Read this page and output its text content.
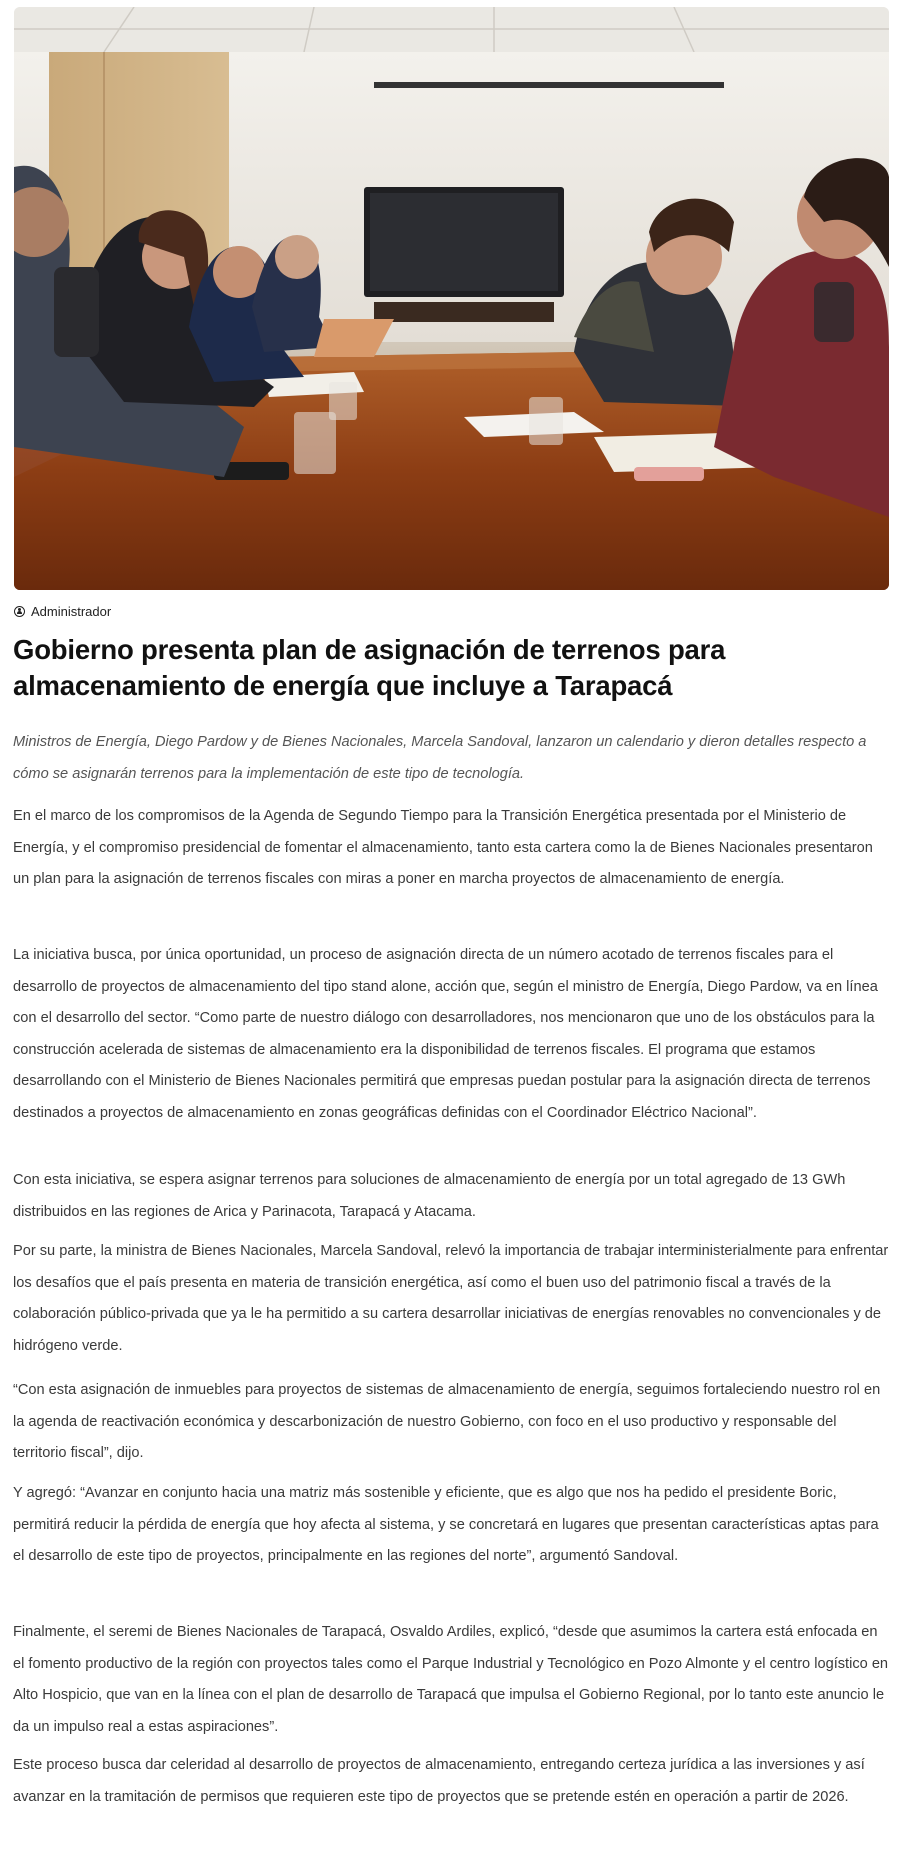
Administrador
Gobierno presenta plan de asignación de terrenos para almacenamiento de energía que incluye a Tarapacá

Ministros de Energía, Diego Pardow y de Bienes Nacionales, Marcela Sandoval, lanzaron un calendario y dieron detalles respecto a cómo se asignarán terrenos para la implementación de este tipo de tecnología.

En el marco de los compromisos de la Agenda de Segundo Tiempo para la Transición Energética presentada por el Ministerio de Energía, y el compromiso presidencial de fomentar el almacenamiento, tanto esta cartera como la de Bienes Nacionales presentaron un plan para la asignación de terrenos fiscales con miras a poner en marcha proyectos de almacenamiento de energía.

La iniciativa busca, por única oportunidad, un proceso de asignación directa de un número acotado de terrenos fiscales para el desarrollo de proyectos de almacenamiento del tipo stand alone, acción que, según el ministro de Energía, Diego Pardow, va en línea con el desarrollo del sector. “Como parte de nuestro diálogo con desarrolladores, nos mencionaron que uno de los obstáculos para la construcción acelerada de sistemas de almacenamiento era la disponibilidad de terrenos fiscales. El programa que estamos desarrollando con el Ministerio de Bienes Nacionales permitirá que empresas puedan postular para la asignación directa de terrenos destinados a proyectos de almacenamiento en zonas geográficas definidas con el Coordinador Eléctrico Nacional”.

Con esta iniciativa, se espera asignar terrenos para soluciones de almacenamiento de energía por un total agregado de 13 GWh distribuidos en las regiones de Arica y Parinacota, Tarapacá y Atacama.

Por su parte, la ministra de Bienes Nacionales, Marcela Sandoval, relevó la importancia de trabajar interministerialmente para enfrentar los desafíos que el país presenta en materia de transición energética, así como el buen uso del patrimonio fiscal a través de la colaboración público-privada que ya le ha permitido a su cartera desarrollar iniciativas de energías renovables no convencionales y de hidrógeno verde.

“Con esta asignación de inmuebles para proyectos de sistemas de almacenamiento de energía, seguimos fortaleciendo nuestro rol en la agenda de reactivación económica y descarbonización de nuestro Gobierno, con foco en el uso productivo y responsable del territorio fiscal”, dijo.

Y agregó: “Avanzar en conjunto hacia una matriz más sostenible y eficiente, que es algo que nos ha pedido el presidente Boric, permitirá reducir la pérdida de energía que hoy afecta al sistema, y se concretará en lugares que presentan características aptas para el desarrollo de este tipo de proyectos, principalmente en las regiones del norte”, argumentó Sandoval.

Finalmente, el seremi de Bienes Nacionales de Tarapacá, Osvaldo Ardiles, explicó, “desde que asumimos la cartera está enfocada en el fomento productivo de la región con proyectos tales como el Parque Industrial y Tecnológico en Pozo Almonte y el centro logístico en Alto Hospicio, que van en la línea con el plan de desarrollo de Tarapacá que impulsa el Gobierno Regional, por lo tanto este anuncio le da un impulso real a estas aspiraciones”.

Este proceso busca dar celeridad al desarrollo de proyectos de almacenamiento, entregando certeza jurídica a las inversiones y así avanzar en la tramitación de permisos que requieren este tipo de proyectos que se pretende estén en operación a partir de 2026.
